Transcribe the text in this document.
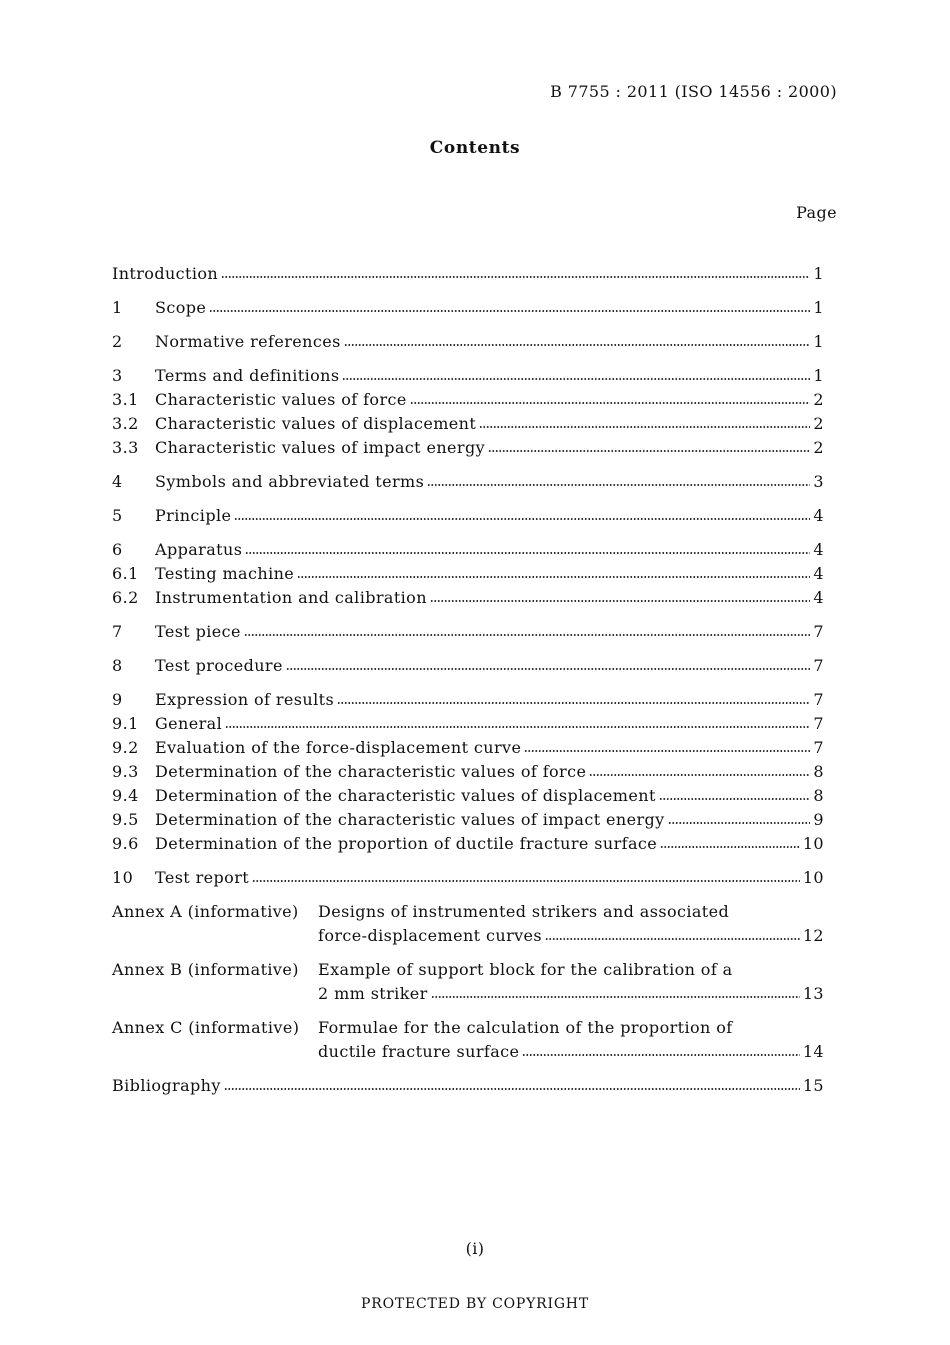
B 7755 : 2011 (ISO 14556 : 2000)
Contents
Page
Introduction	1
1	Scope	1
2	Normative references	1
3	Terms and definitions	1
3.1	Characteristic values of force	2
3.2	Characteristic values of displacement	2
3.3	Characteristic values of impact energy	2
4	Symbols and abbreviated terms	3
5	Principle	4
6	Apparatus	4
6.1	Testing machine	4
6.2	Instrumentation and calibration	4
7	Test piece	7
8	Test procedure	7
9	Expression of results	7
9.1	General	7
9.2	Evaluation of the force-displacement curve	7
9.3	Determination of the characteristic values of force	8
9.4	Determination of the characteristic values of displacement	8
9.5	Determination of the characteristic values of impact energy	9
9.6	Determination of the proportion of ductile fracture surface	10
10	Test report	10
Annex A (informative)	Designs of instrumented strikers and associated
force-displacement curves	12
Annex B (informative)	Example of support block for the calibration of a
2 mm striker	13
Annex C (informative)	Formulae for the calculation of the proportion of
ductile fracture surface	14
Bibliography	15
(i)
PROTECTED BY COPYRIGHT
